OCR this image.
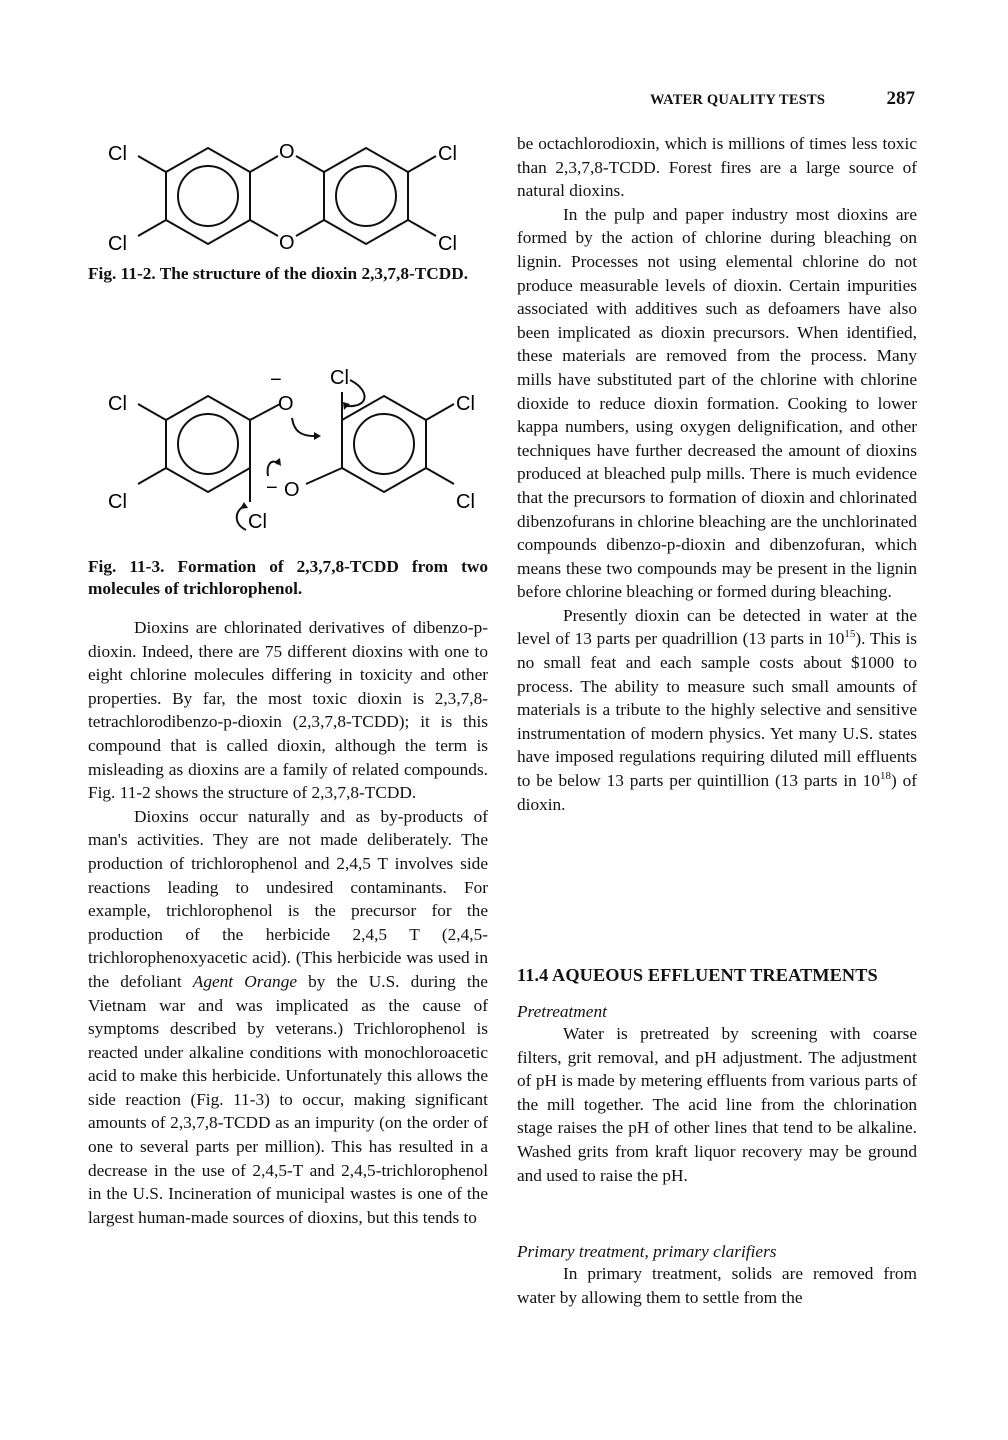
WATER QUALITY TESTS	287
Cl	Cl
Cl	Cl
O
O

Fig. 11-2. The structure of the dioxin 2,3,7,8-TCDD.

Cl	Cl
Cl	Cl
O
−
O
−
Cl
Cl

Fig. 11-3. Formation of 2,3,7,8-TCDD from two molecules of trichlorophenol.

Dioxins are chlorinated derivatives of dibenzo-p-dioxin. Indeed, there are 75 different dioxins with one to eight chlorine molecules differing in toxicity and other properties. By far, the most toxic dioxin is 2,3,7,8-tetrachlorodibenzo-p-dioxin (2,3,7,8-TCDD); it is this compound that is called dioxin, although the term is misleading as dioxins are a family of related compounds. Fig. 11-2 shows the structure of 2,3,7,8-TCDD.

Dioxins occur naturally and as by-products of man's activities. They are not made deliberately. The production of trichlorophenol and 2,4,5 T involves side reactions leading to undesired contaminants. For example, trichlorophenol is the precursor for the production of the herbicide 2,4,5 T (2,4,5-trichlorophenoxyacetic acid). (This herbicide was used in the defoliant Agent Orange by the U.S. during the Vietnam war and was implicated as the cause of symptoms described by veterans.) Trichlorophenol is reacted under alkaline conditions with monochloroacetic acid to make this herbicide. Unfortunately this allows the side reaction (Fig. 11-3) to occur, making significant amounts of 2,3,7,8-TCDD as an impurity (on the order of one to several parts per million). This has resulted in a decrease in the use of 2,4,5-T and 2,4,5-trichlorophenol in the U.S. Incineration of municipal wastes is one of the largest human-made sources of dioxins, but this tends to

be octachlorodioxin, which is millions of times less toxic than 2,3,7,8-TCDD. Forest fires are a large source of natural dioxins.

In the pulp and paper industry most dioxins are formed by the action of chlorine during bleaching on lignin. Processes not using elemental chlorine do not produce measurable levels of dioxin. Certain impurities associated with additives such as defoamers have also been implicated as dioxin precursors. When identified, these materials are removed from the process. Many mills have substituted part of the chlorine with chlorine dioxide to reduce dioxin formation. Cooking to lower kappa numbers, using oxygen delignification, and other techniques have further decreased the amount of dioxins produced at bleached pulp mills. There is much evidence that the precursors to formation of dioxin and chlorinated dibenzofurans in chlorine bleaching are the unchlorinated compounds dibenzo-p-dioxin and dibenzofuran, which means these two compounds may be present in the lignin before chlorine bleaching or formed during bleaching.

Presently dioxin can be detected in water at the level of 13 parts per quadrillion (13 parts in $10^{15}$). This is no small feat and each sample costs about $1000 to process. The ability to measure such small amounts of materials is a tribute to the highly selective and sensitive instrumentation of modern physics. Yet many U.S. states have imposed regulations requiring diluted mill effluents to be below 13 parts per quintillion (13 parts in $10^{18}$) of dioxin.

11.4 AQUEOUS EFFLUENT TREATMENTS

Pretreatment

Water is pretreated by screening with coarse filters, grit removal, and pH adjustment. The adjustment of pH is made by metering effluents from various parts of the mill together. The acid line from the chlorination stage raises the pH of other lines that tend to be alkaline. Washed grits from kraft liquor recovery may be ground and used to raise the pH.

Primary treatment, primary clarifiers

In primary treatment, solids are removed from water by allowing them to settle from the
